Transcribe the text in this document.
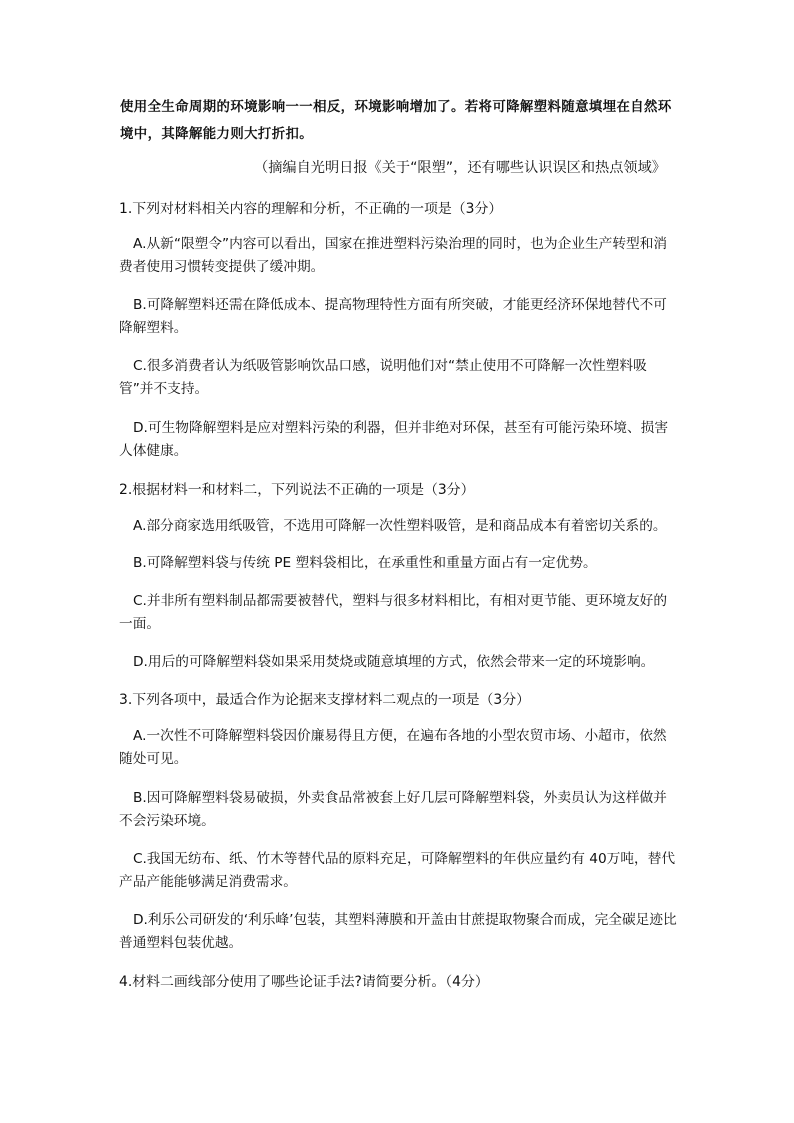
使用全生命周期的环境影响一一相反，环境影响增加了。若将可降解塑料随意填埋在自然环境中，其降解能力则大打折扣。

（摘编自光明日报《关于“限塑”，还有哪些认识误区和热点领域》

1.下列对材料相关内容的理解和分析，不正确的一项是（3分）

A.从新“限塑令”内容可以看出，国家在推进塑料污染治理的同时，也为企业生产转型和消费者使用习惯转变提供了缓冲期。

B.可降解塑料还需在降低成本、提高物理特性方面有所突破，才能更经济环保地替代不可降解塑料。

C.很多消费者认为纸吸管影响饮品口感，说明他们对“禁止使用不可降解一次性塑料吸管”并不支持。

D.可生物降解塑料是应对塑料污染的利器，但并非绝对环保，甚至有可能污染环境、损害人体健康。

2.根据材料一和材料二，下列说法不正确的一项是（3分）

A.部分商家选用纸吸管，不选用可降解一次性塑料吸管，是和商品成本有着密切关系的。

B.可降解塑料袋与传统 PE 塑料袋相比，在承重性和重量方面占有一定优势。

C.并非所有塑料制品都需要被替代，塑料与很多材料相比，有相对更节能、更环境友好的一面。

D.用后的可降解塑料袋如果采用焚烧或随意填埋的方式，依然会带来一定的环境影响。

3.下列各项中，最适合作为论据来支撑材料二观点的一项是（3分）

A.一次性不可降解塑料袋因价廉易得且方便，在遍布各地的小型农贸市场、小超市，依然随处可见。

B.因可降解塑料袋易破损，外卖食品常被套上好几层可降解塑料袋，外卖员认为这样做并不会污染环境。

C.我国无纺布、纸、竹木等替代品的原料充足，可降解塑料的年供应量约有 40万吨，替代产品产能能够满足消费需求。

D.利乐公司研发的‘利乐峰’包装，其塑料薄膜和开盖由甘蔗提取物聚合而成，完全碳足迹比普通塑料包装优越。

4.材料二画线部分使用了哪些论证手法?请简要分析。（4分）
